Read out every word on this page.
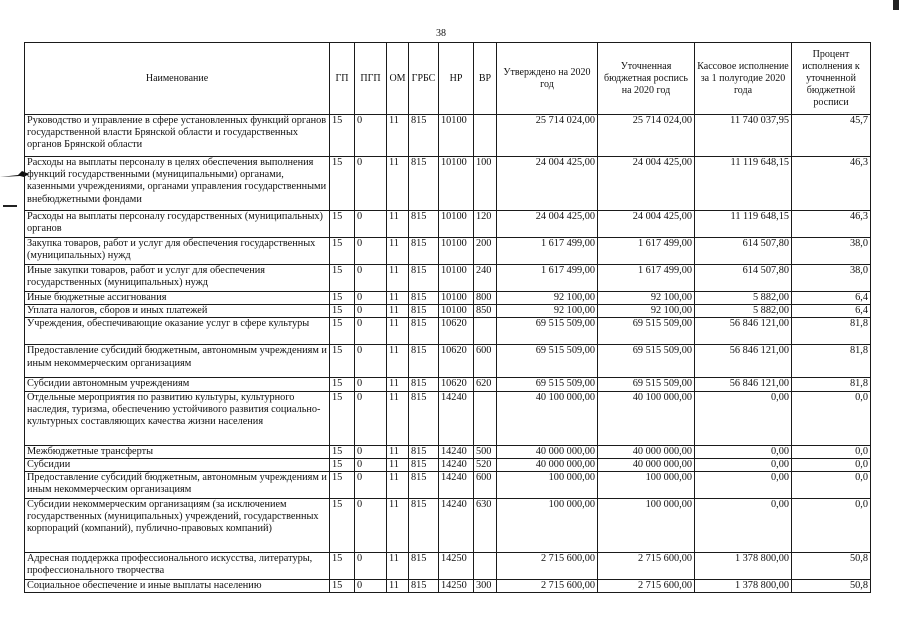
38
Наименование	ГП	ПГП	ОМ	ГРБС	НР	ВР	Утверждено на 2020 год	Уточненная бюджетная роспись на 2020 год	Кассовое исполнение за 1 полугодие 2020 года	Процент исполнения к уточненной бюджетной росписи
Руководство и управление в сфере установленных функций органов государственной власти Брянской области и государственных органов Брянской области	15	0	11	815	10100		25 714 024,00	25 714 024,00	11 740 037,95	45,7
Расходы на выплаты персоналу в целях обеспечения выполнения функций государственными (муниципальными) органами, казенными учреждениями, органами управления государственными внебюджетными фондами	15	0	11	815	10100	100	24 004 425,00	24 004 425,00	11 119 648,15	46,3
Расходы на выплаты персоналу государственных (муниципальных) органов	15	0	11	815	10100	120	24 004 425,00	24 004 425,00	11 119 648,15	46,3
Закупка товаров, работ и услуг для обеспечения государственных (муниципальных) нужд	15	0	11	815	10100	200	1 617 499,00	1 617 499,00	614 507,80	38,0
Иные закупки товаров, работ и услуг для обеспечения государственных (муниципальных) нужд	15	0	11	815	10100	240	1 617 499,00	1 617 499,00	614 507,80	38,0
Иные бюджетные ассигнования	15	0	11	815	10100	800	92 100,00	92 100,00	5 882,00	6,4
Уплата налогов, сборов и иных платежей	15	0	11	815	10100	850	92 100,00	92 100,00	5 882,00	6,4
Учреждения, обеспечивающие оказание услуг в сфере культуры	15	0	11	815	10620		69 515 509,00	69 515 509,00	56 846 121,00	81,8
Предоставление субсидий бюджетным, автономным учреждениям и иным некоммерческим организациям	15	0	11	815	10620	600	69 515 509,00	69 515 509,00	56 846 121,00	81,8
Субсидии автономным учреждениям	15	0	11	815	10620	620	69 515 509,00	69 515 509,00	56 846 121,00	81,8
Отдельные мероприятия по развитию культуры, культурного наследия, туризма, обеспечению устойчивого развития социально-культурных составляющих качества жизни населения	15	0	11	815	14240		40 100 000,00	40 100 000,00	0,00	0,0
Межбюджетные трансферты	15	0	11	815	14240	500	40 000 000,00	40 000 000,00	0,00	0,0
Субсидии	15	0	11	815	14240	520	40 000 000,00	40 000 000,00	0,00	0,0
Предоставление субсидий бюджетным, автономным учреждениям и иным некоммерческим организациям	15	0	11	815	14240	600	100 000,00	100 000,00	0,00	0,0
Субсидии некоммерческим организациям (за исключением государственных (муниципальных) учреждений, государственных корпораций (компаний), публично-правовых компаний)	15	0	11	815	14240	630	100 000,00	100 000,00	0,00	0,0
Адресная поддержка профессионального искусства, литературы, профессионального творчества	15	0	11	815	14250		2 715 600,00	2 715 600,00	1 378 800,00	50,8
Социальное обеспечение и иные выплаты населению	15	0	11	815	14250	300	2 715 600,00	2 715 600,00	1 378 800,00	50,8
